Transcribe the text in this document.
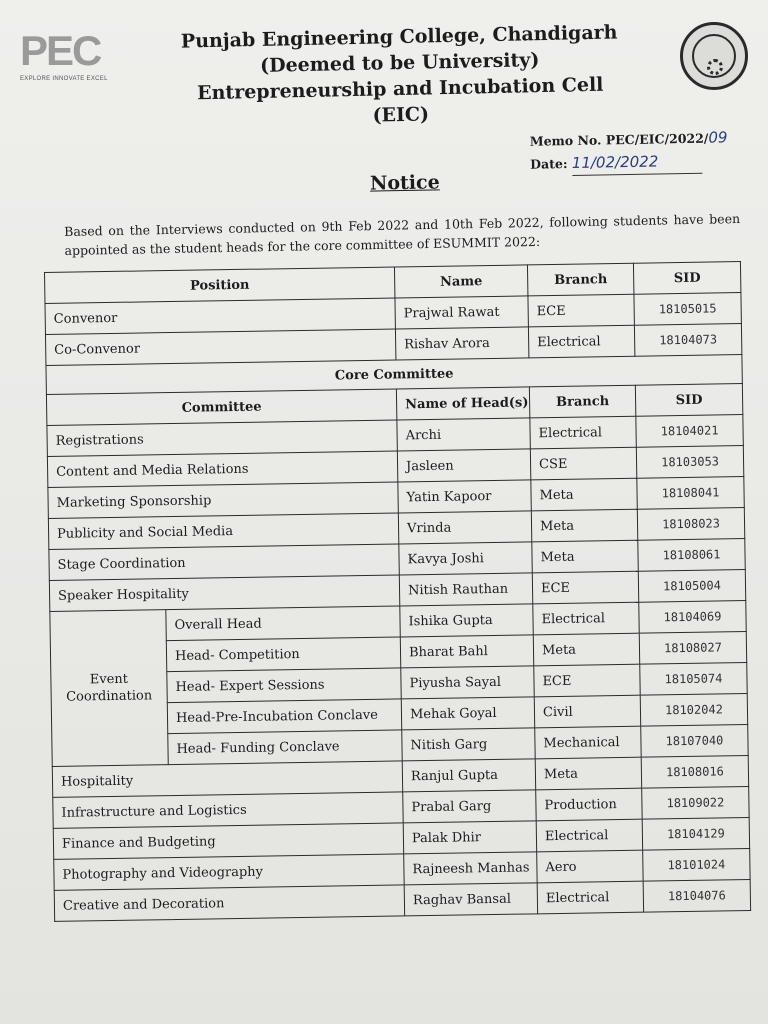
PEC
EXPLORE INNOVATE EXCEL
Punjab Engineering College, Chandigarh
(Deemed to be University)
Entrepreneurship and Incubation Cell (EIC)
Memo No. PEC/EIC/2022/09
Date: 11/02/2022
Notice
Based on the Interviews conducted on 9th Feb 2022 and 10th Feb 2022, following students have been appointed as the student heads for the core committee of ESUMMIT 2022:
Position		Name	Branch	SID
Convenor		Prajwal Rawat	ECE	18105015
Co-Convenor		Rishav Arora	Electrical	18104073
Core Committee				
Committee		Name of Head(s)	Branch	SID
Registrations		Archi	Electrical	18104021
Content and Media Relations		Jasleen	CSE	18103053
Marketing Sponsorship		Yatin Kapoor	Meta	18108041
Publicity and Social Media		Vrinda	Meta	18108023
Stage Coordination		Kavya Joshi	Meta	18108061
Speaker Hospitality		Nitish Rauthan	ECE	18105004
Event Coordination	Overall Head	Ishika Gupta	Electrical	18104069
	Head- Competition	Bharat Bahl	Meta	18108027
	Head- Expert Sessions	Piyusha Sayal	ECE	18105074
	Head-Pre-Incubation Conclave	Mehak Goyal	Civil	18102042
	Head- Funding Conclave	Nitish Garg	Mechanical	18107040
Hospitality		Ranjul Gupta	Meta	18108016
Infrastructure and Logistics		Prabal Garg	Production	18109022
Finance and Budgeting		Palak Dhir	Electrical	18104129
Photography and Videography		Rajneesh Manhas	Aero	18101024
Creative and Decoration		Raghav Bansal	Electrical	18104076
